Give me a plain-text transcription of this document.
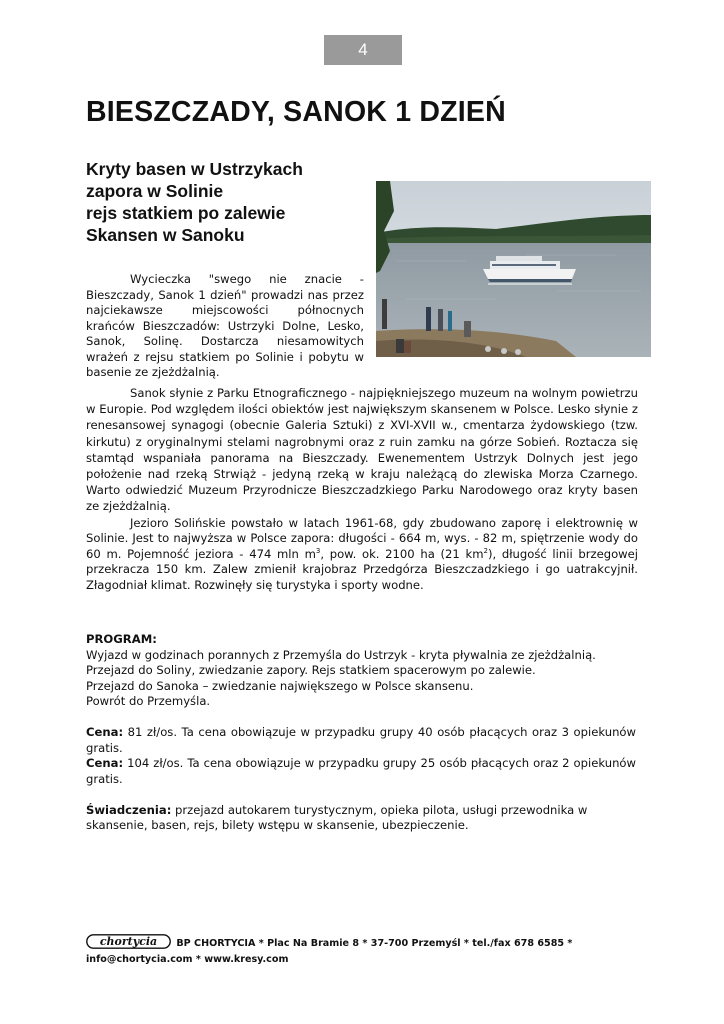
4
BIESZCZADY, SANOK 1 DZIEŃ
Kryty basen w Ustrzykach
zapora w Solinie
rejs statkiem po zalewie
Skansen w Sanoku

Wycieczka "swego nie znacie - Bieszczady, Sanok 1 dzień" prowadzi nas przez najciekawsze miejscowości północnych krańców Bieszczadów: Ustrzyki Dolne, Lesko, Sanok, Solinę. Dostarcza niesamowitych wrażeń z rejsu statkiem po Solinie i pobytu w basenie ze zjeżdżalnią.

Sanok słynie z Parku Etnograficznego - najpiękniejszego muzeum na wolnym powietrzu w Europie. Pod względem ilości obiektów jest największym skansenem w Polsce. Lesko słynie z renesansowej synagogi (obecnie Galeria Sztuki) z XVI-XVII w., cmentarza żydowskiego (tzw. kirkutu) z oryginalnymi stelami nagrobnymi oraz z ruin zamku na górze Sobień. Roztacza się stamtąd wspaniała panorama na Bieszczady. Ewenementem Ustrzyk Dolnych jest jego położenie nad rzeką Strwiąż - jedyną rzeką w kraju należącą do zlewiska Morza Czarnego. Warto odwiedzić Muzeum Przyrodnicze Bieszczadzkiego Parku Narodowego oraz kryty basen ze zjeżdżalnią.

Jezioro Solińskie powstało w latach 1961-68, gdy zbudowano zaporę i elektrownię w Solinie. Jest to najwyższa w Polsce zapora: długości - 664 m, wys. - 82 m, spiętrzenie wody do 60 m. Pojemność jeziora - 474 mln $m^3$, pow. ok. 2100 ha (21 $km^2$), długość linii brzegowej przekracza 150 km. Zalew zmienił krajobraz Przedgórza Bieszczadzkiego i go uatrakcyjnił. Złagodniał klimat. Rozwinęły się turystyka i sporty wodne.

PROGRAM:
Wyjazd w godzinach porannych z Przemyśla do Ustrzyk - kryta pływalnia ze zjeżdżalnią.
Przejazd do Soliny, zwiedzanie zapory. Rejs statkiem spacerowym po zalewie.
Przejazd do Sanoka – zwiedzanie największego w Polsce skansenu.
Powrót do Przemyśla.

Cena: 81 zł/os. Ta cena obowiązuje w przypadku grupy 40 osób płacących oraz 3 opiekunów gratis.

Cena: 104 zł/os. Ta cena obowiązuje w przypadku grupy 25 osób płacących oraz 2 opiekunów gratis.

Świadczenia: przejazd autokarem turystycznym, opieka pilota, usługi przewodnika w skansenie, basen, rejs, bilety wstępu w skansenie, ubezpieczenie.

chortycia BP CHORTYCIA * Plac Na Bramie 8 * 37-700 Przemyśl * tel./fax 678 6585 * info@chortycia.com * www.kresy.com
